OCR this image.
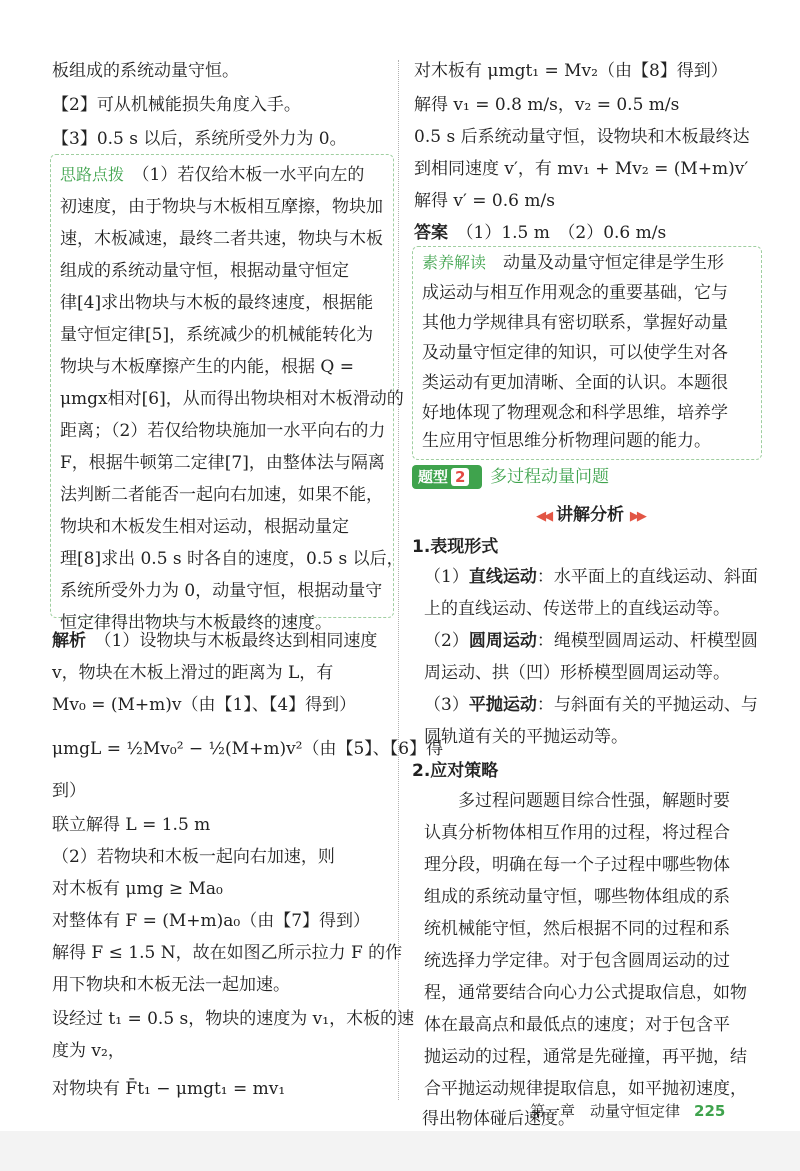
板组成的系统动量守恒。
【2】可从机械能损失角度入手。
【3】0.5 s 以后，系统所受外力为 0。
思路点拨　 （1）若仅给木板一水平向左的
初速度，由于物块与木板相互摩擦，物块加
速，木板减速，最终二者共速，物块与木板
组成的系统动量守恒，根据动量守恒定
律[4]求出物块与木板的最终速度，根据能
量守恒定律[5]，系统减少的机械能转化为
物块与木板摩擦产生的内能，根据 Q =
μmgx相对[6]，从而得出物块相对木板滑动的
距离；（2）若仅给物块施加一水平向右的力
F，根据牛顿第二定律[7]，由整体法与隔离
法判断二者能否一起向右加速，如果不能，
物块和木板发生相对运动，根据动量定
理[8]求出 0.5 s 时各自的速度，0.5 s 以后，
系统所受外力为 0，动量守恒，根据动量守
解析　 （1）设物块与木板最终达到相同速度
v，物块在木板上滑过的距离为 L，有
Mv₀ = (M+m)v（由【1】、【4】得到）
μmgL = ½Mv₀² − ½(M+m)v²（由【5】、【6】得
到）
联立解得 L = 1.5 m
（2）若物块和木板一起向右加速，则
对木板有 μmg ≥ Ma₀
对整体有 F = (M+m)a₀（由【7】得到）
解得 F ≤ 1.5 N，故在如图乙所示拉力 F 的作
用下物块和木板无法一起加速。
设经过 t₁ = 0.5 s，物块的速度为 v₁，木板的速
度为 v₂，
对物块有 F̄t₁ − μmgt₁ = mv₁
对木板有 μmgt₁ = Mv₂（由【8】得到）
解得 v₁ = 0.8 m/s，v₂ = 0.5 m/s
0.5 s 后系统动量守恒，设物块和木板最终达
到相同速度 v′，有 mv₁ + Mv₂ = (M+m)v′
解得 v′ = 0.6 m/s
答案　 （1）1.5 m　（2）0.6 m/s
素养解读　 动量及动量守恒定律是学生形
成运动与相互作用观念的重要基础，它与
其他力学规律具有密切联系，掌握好动量
及动量守恒定律的知识，可以使学生对各
类运动有更加清晰、全面的认识。本题很
好地体现了物理观念和科学思维，培养学
生应用守恒思维分析物理问题的能力。
题型 2	多过程动量问题
◀◀ 讲解分析 ▶▶
1.表现形式
（1）直线运动：水平面上的直线运动、斜面
上的直线运动、传送带上的直线运动等。
（2）圆周运动：绳模型圆周运动、杆模型圆
周运动、拱（凹）形桥模型圆周运动等。
（3）平抛运动：与斜面有关的平抛运动、与
圆轨道有关的平抛运动等。
2.应对策略
　　多过程问题题目综合性强，解题时要
认真分析物体相互作用的过程，将过程合
理分段，明确在每一个子过程中哪些物体
组成的系统动量守恒，哪些物体组成的系
统机械能守恒，然后根据不同的过程和系
统选择力学定律。对于包含圆周运动的过
程，通常要结合向心力公式提取信息，如物
体在最高点和最低点的速度；对于包含平
抛运动的过程，通常是先碰撞，再平抛，结
合平抛运动规律提取信息，如平抛初速度，
第一章　动量守恒定律 225
得出物体碰后速度。
恒定律得出物块与木板最终的速度。
